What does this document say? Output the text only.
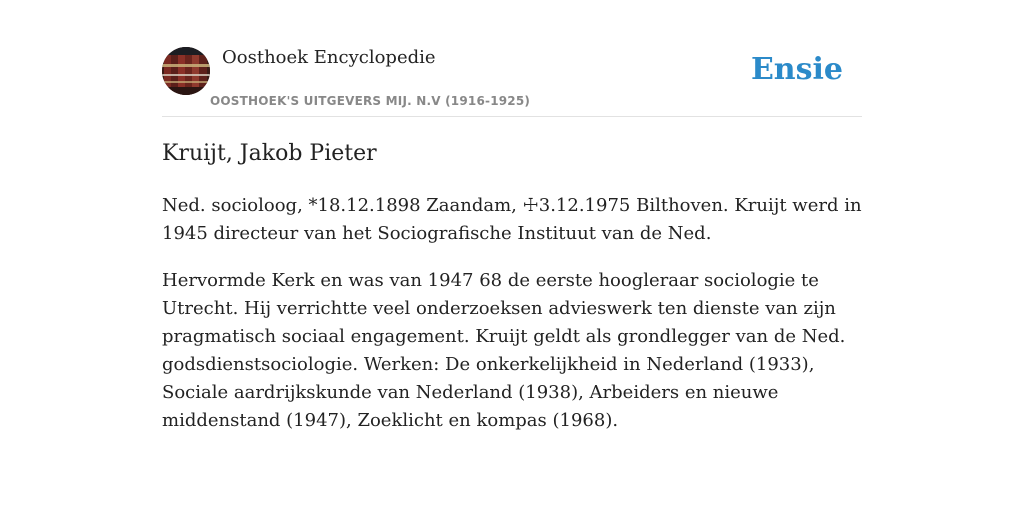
Oosthoek Encyclopedie
OOSTHOEK'S UITGEVERS MIJ. N.V (1916-1925)
Ensie
Kruijt, Jakob Pieter

Ned. socioloog, *18.12.1898 Zaandam, ☩3.12.1975 Bilthoven. Kruijt werd in 1945 directeur van het Sociografische Instituut van de Ned.

Hervormde Kerk en was van 1947 68 de eerste hoogleraar sociologie te Utrecht. Hij verrichtte veel onderzoeksen advieswerk ten dienste van zijn pragmatisch sociaal engagement. Kruijt geldt als grondlegger van de Ned. godsdienstsociologie. Werken: De onkerkelijkheid in Nederland (1933), Sociale aardrijkskunde van Nederland (1938), Arbeiders en nieuwe middenstand (1947), Zoeklicht en kompas (1968).
